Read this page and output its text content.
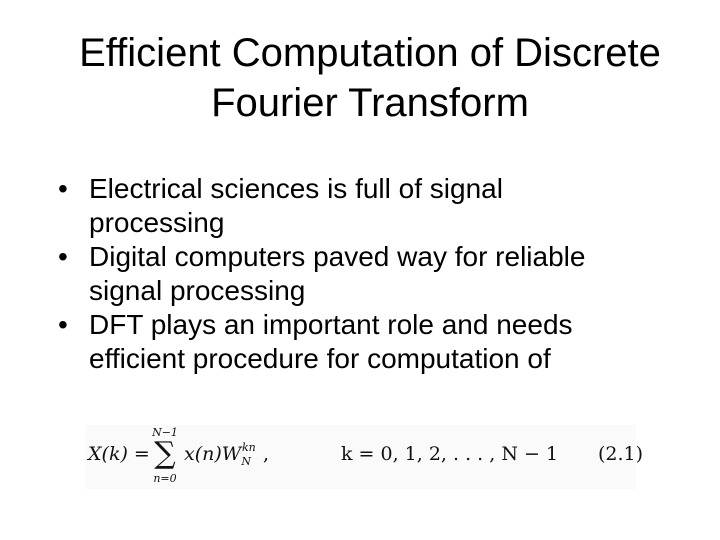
Efficient Computation of Discrete
Fourier Transform
• Electrical sciences is full of signal
processing
• Digital computers paved way for reliable
signal processing
• DFT plays an important role and needs
efficient procedure for computation of
X(k) =
N−1
∑
n=0
$x(n)W_N^{kn}$ ,	k = 0, 1, 2, . . . , N − 1 (2.1)
